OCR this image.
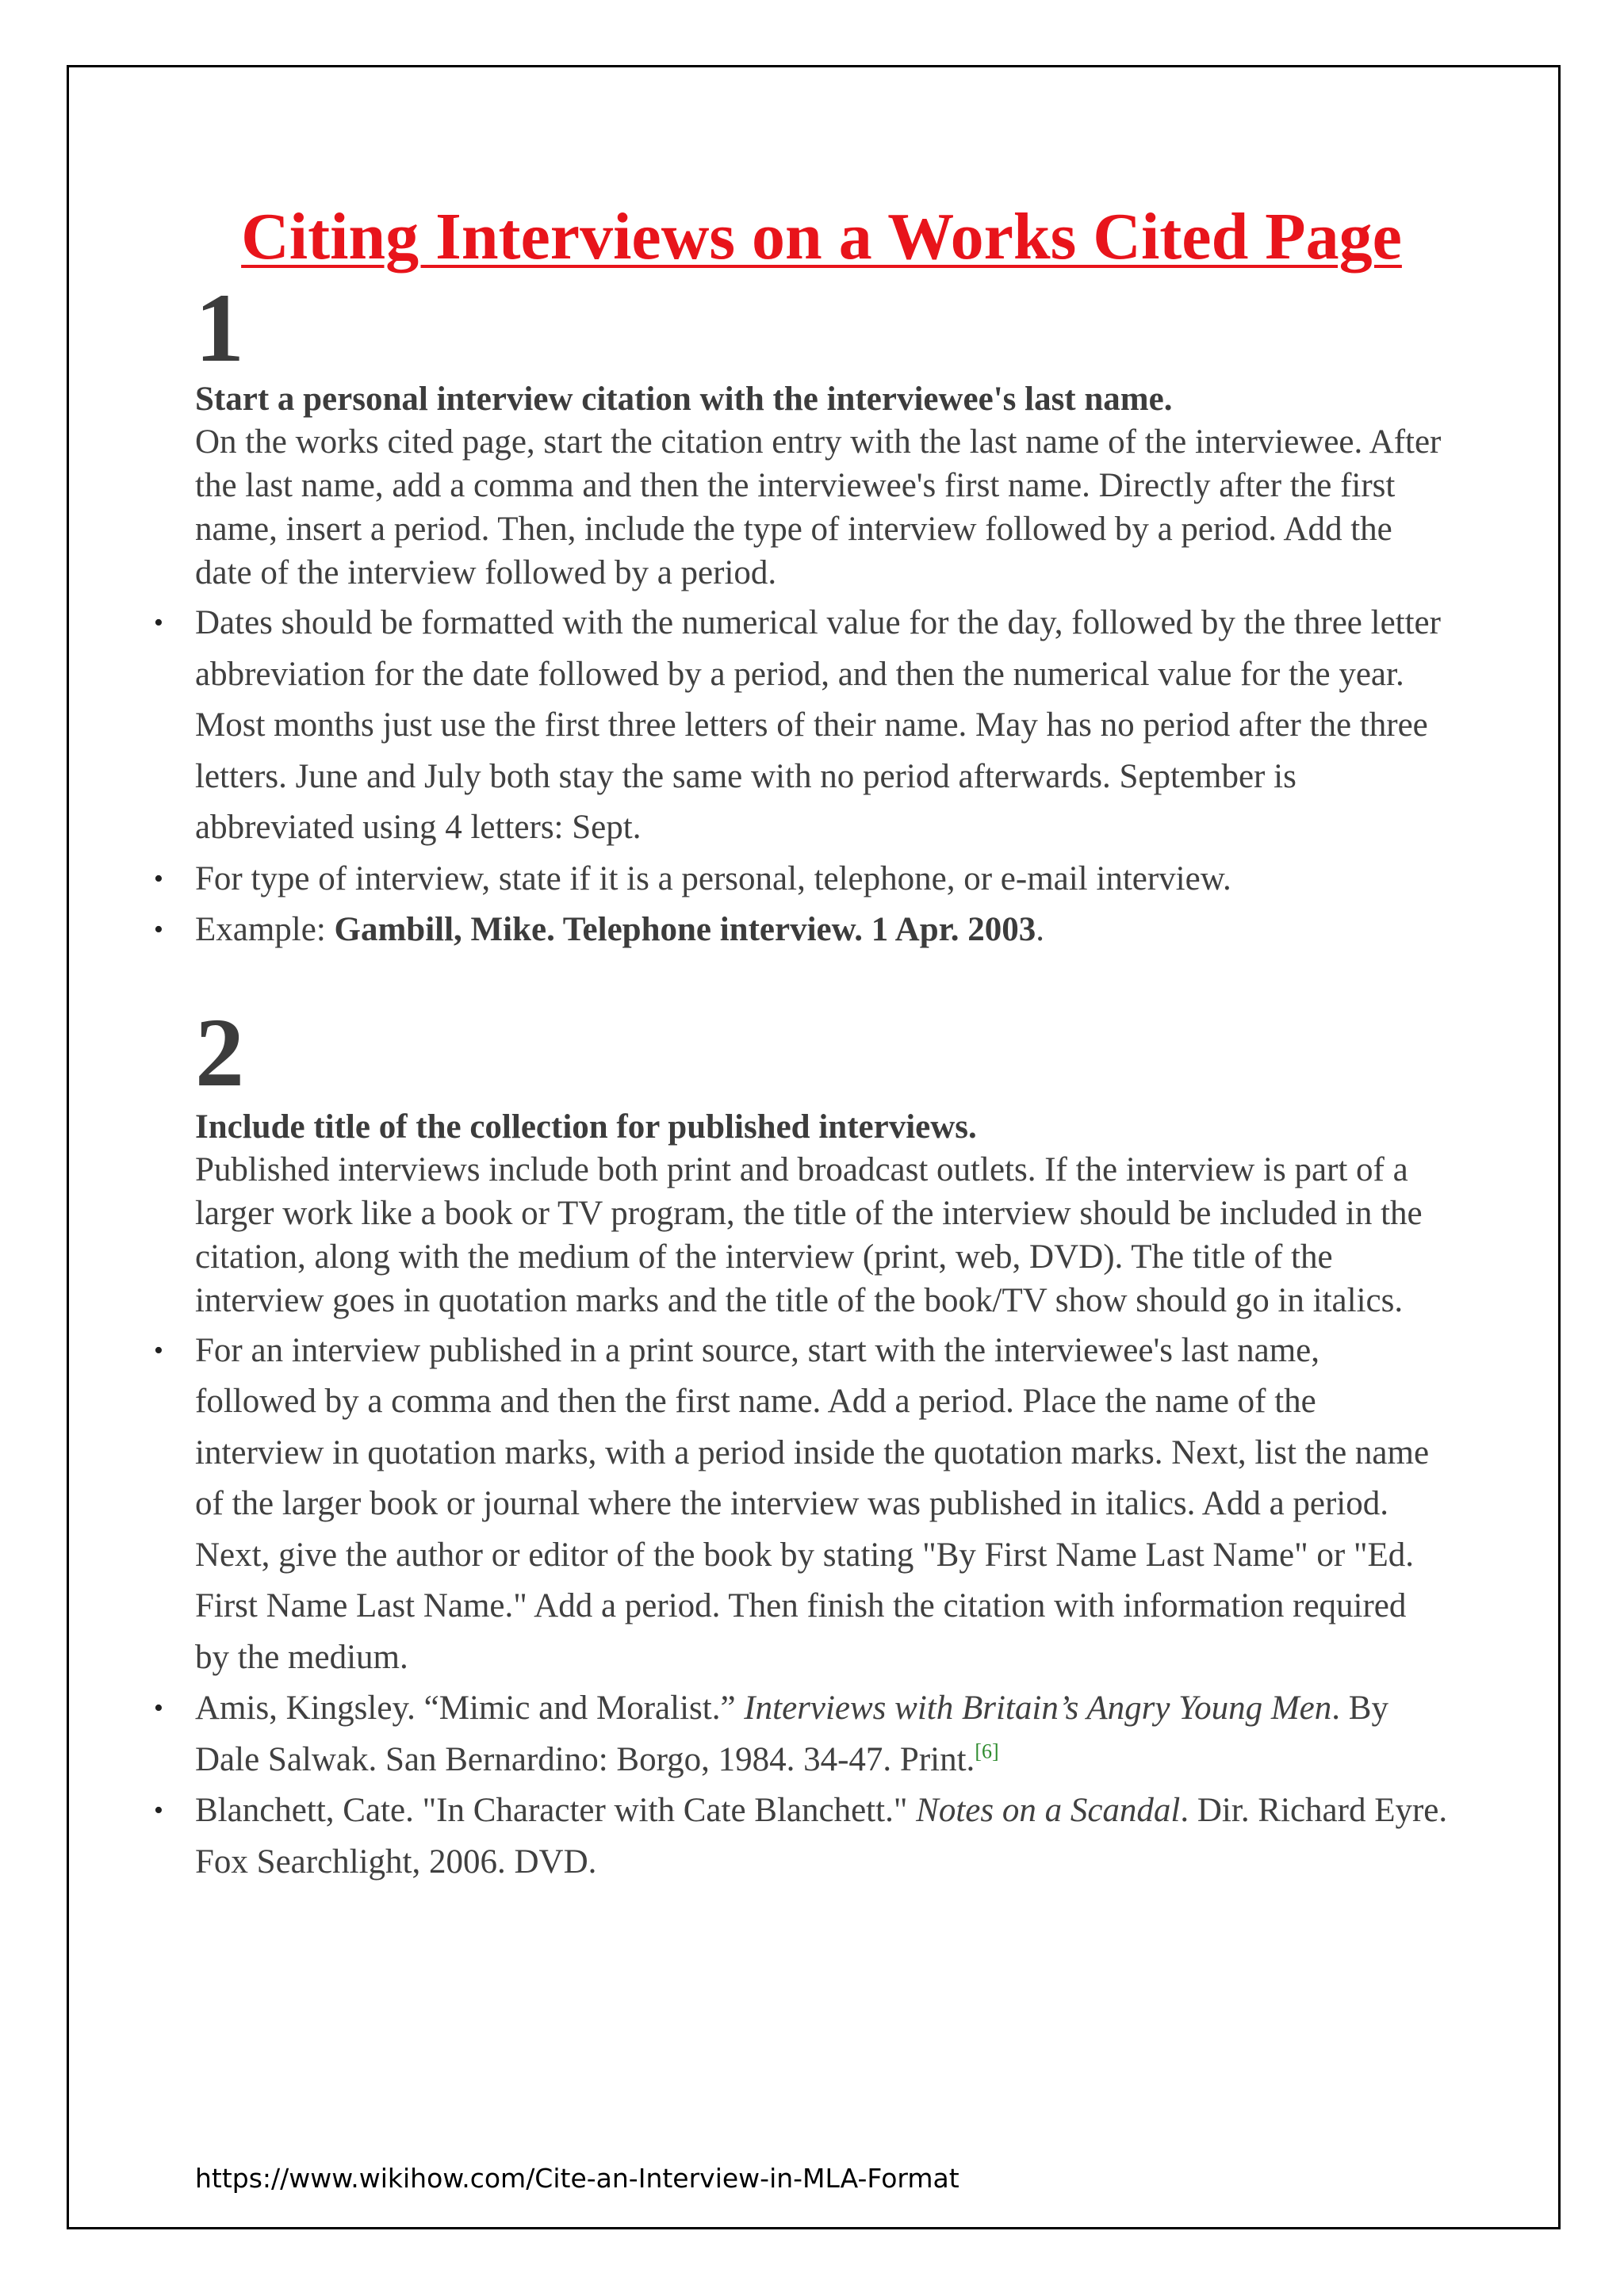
Citing Interviews on a Works Cited Page
1

Start a personal interview citation with the interviewee's last name.

On the works cited page, start the citation entry with the last name of the interviewee. After the last name, add a comma and then the interviewee's first name. Directly after the first name, insert a period. Then, include the type of interview followed by a period. Add the date of the interview followed by a period.

• Dates should be formatted with the numerical value for the day, followed by the three letter abbreviation for the date followed by a period, and then the numerical value for the year. Most months just use the first three letters of their name. May has no period after the three letters. June and July both stay the same with no period afterwards. September is abbreviated using 4 letters: Sept.
• For type of interview, state if it is a personal, telephone, or e-mail interview.
• Example: Gambill, Mike. Telephone interview. 1 Apr. 2003.
2

Include title of the collection for published interviews.

Published interviews include both print and broadcast outlets. If the interview is part of a larger work like a book or TV program, the title of the interview should be included in the citation, along with the medium of the interview (print, web, DVD). The title of the interview goes in quotation marks and the title of the book/TV show should go in italics.

• For an interview published in a print source, start with the interviewee's last name, followed by a comma and then the first name. Add a period. Place the name of the interview in quotation marks, with a period inside the quotation marks. Next, list the name of the larger book or journal where the interview was published in italics. Add a period. Next, give the author or editor of the book by stating "By First Name Last Name" or "Ed. First Name Last Name." Add a period. Then finish the citation with information required by the medium.
• Amis, Kingsley. “Mimic and Moralist.” Interviews with Britain’s Angry Young Men. By Dale Salwak. San Bernardino: Borgo, 1984. 34-47. Print.[6]
• Blanchett, Cate. "In Character with Cate Blanchett." Notes on a Scandal. Dir. Richard Eyre. Fox Searchlight, 2006. DVD.
https://www.wikihow.com/Cite-an-Interview-in-MLA-Format
